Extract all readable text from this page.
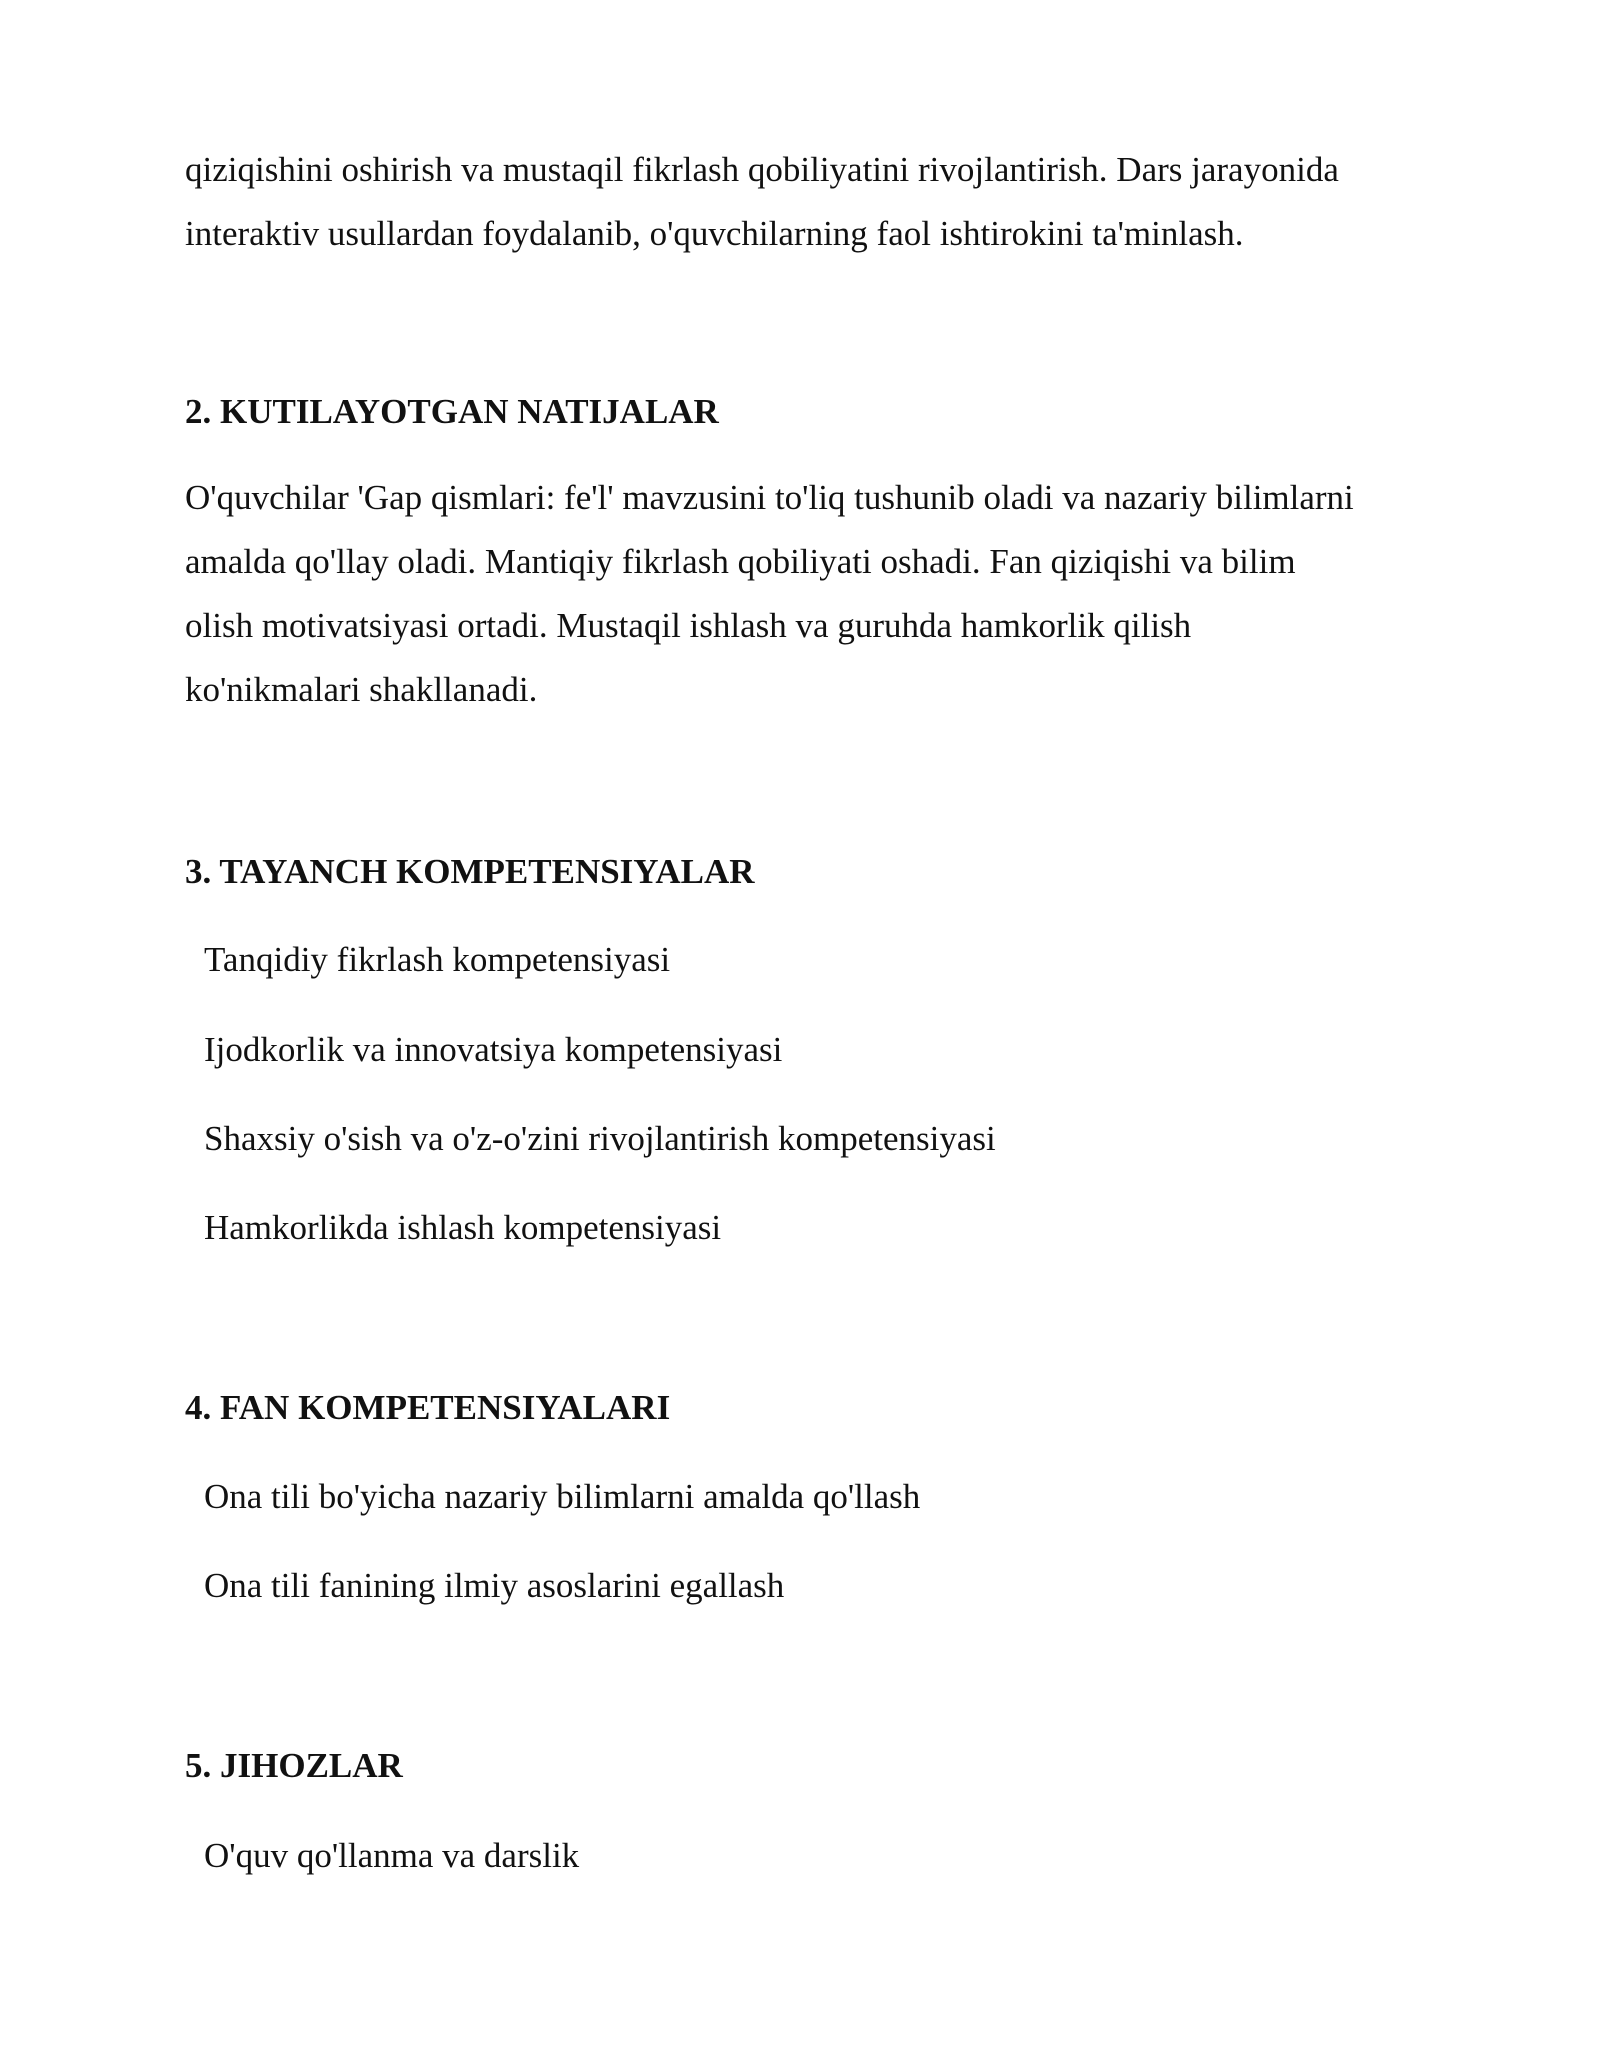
qiziqishini oshirish va mustaqil fikrlash qobiliyatini rivojlantirish. Dars jarayonida
interaktiv usullardan foydalanib, o'quvchilarning faol ishtirokini ta'minlash.

2. KUTILAYOTGAN NATIJALAR

O'quvchilar 'Gap qismlari: fe'l' mavzusini to'liq tushunib oladi va nazariy bilimlarni
amalda qo'llay oladi. Mantiqiy fikrlash qobiliyati oshadi. Fan qiziqishi va bilim
olish motivatsiyasi ortadi. Mustaqil ishlash va guruhda hamkorlik qilish
ko'nikmalari shakllanadi.

3. TAYANCH KOMPETENSIYALAR

Tanqidiy fikrlash kompetensiyasi

Ijodkorlik va innovatsiya kompetensiyasi

Shaxsiy o'sish va o'z-o'zini rivojlantirish kompetensiyasi

Hamkorlikda ishlash kompetensiyasi

4. FAN KOMPETENSIYALARI

Ona tili bo'yicha nazariy bilimlarni amalda qo'llash

Ona tili fanining ilmiy asoslarini egallash

5. JIHOZLAR

O'quv qo'llanma va darslik
